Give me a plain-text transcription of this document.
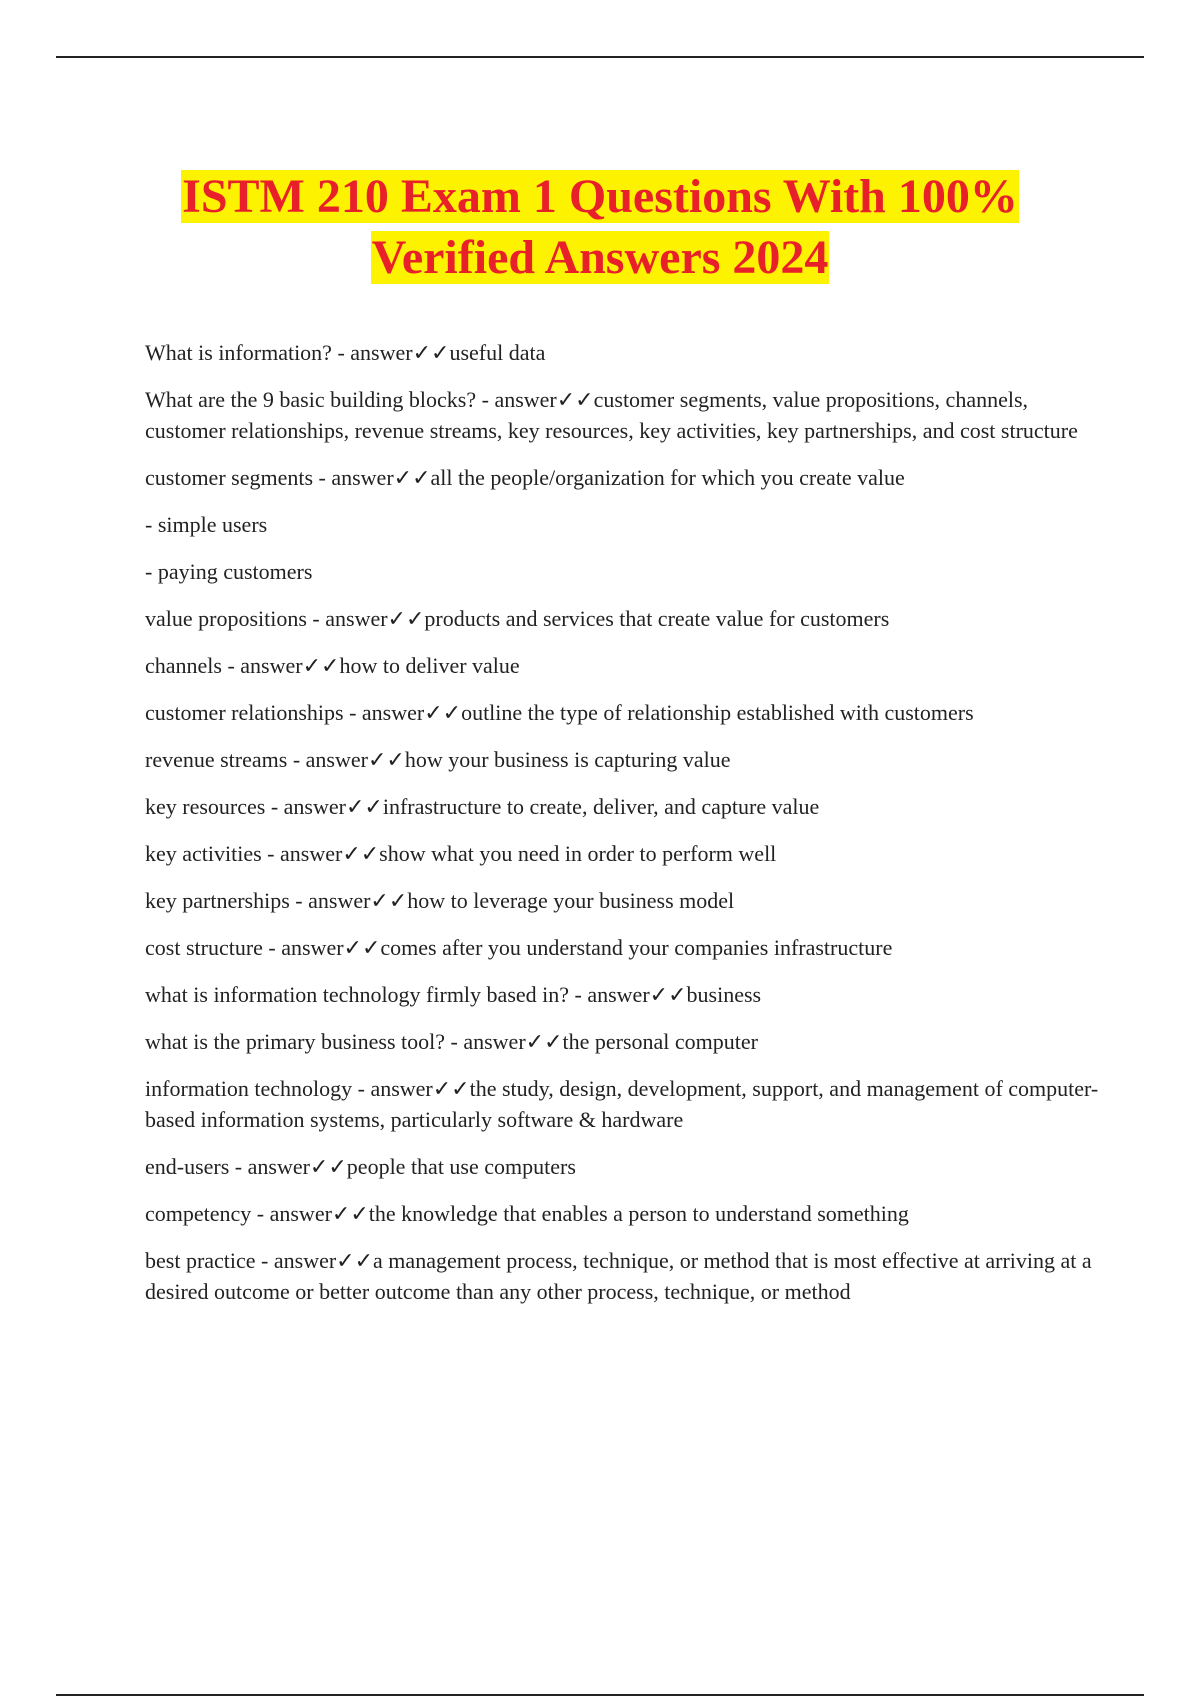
ISTM 210 Exam 1 Questions With 100%
Verified Answers 2024

What is information? - answer✓✓useful data

What are the 9 basic building blocks? - answer✓✓customer segments, value propositions, channels, customer relationships, revenue streams, key resources, key activities, key partnerships, and cost structure

customer segments - answer✓✓all the people/organization for which you create value

- simple users

- paying customers

value propositions - answer✓✓products and services that create value for customers

channels - answer✓✓how to deliver value

customer relationships - answer✓✓outline the type of relationship established with customers

revenue streams - answer✓✓how your business is capturing value

key resources - answer✓✓infrastructure to create, deliver, and capture value

key activities - answer✓✓show what you need in order to perform well

key partnerships - answer✓✓how to leverage your business model

cost structure - answer✓✓comes after you understand your companies infrastructure

what is information technology firmly based in? - answer✓✓business

what is the primary business tool? - answer✓✓the personal computer

information technology - answer✓✓the study, design, development, support, and management of computer-based information systems, particularly software & hardware

end-users - answer✓✓people that use computers

competency - answer✓✓the knowledge that enables a person to understand something

best practice - answer✓✓a management process, technique, or method that is most effective at arriving at a desired outcome or better outcome than any other process, technique, or method
